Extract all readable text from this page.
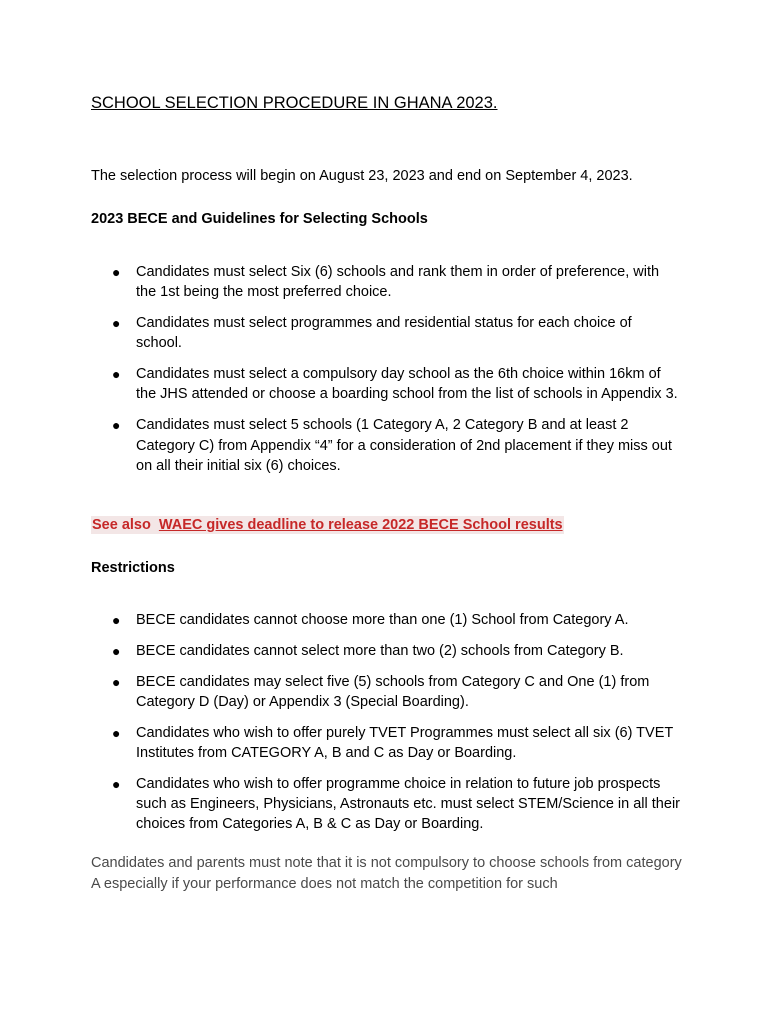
SCHOOL SELECTION PROCEDURE IN GHANA 2023.

The selection process will begin on August 23, 2023 and end on September 4, 2023.

2023 BECE and Guidelines for Selecting Schools
● Candidates must select Six (6) schools and rank them in order of preference, with the 1st being the most preferred choice.
● Candidates must select programmes and residential status for each choice of school.
● Candidates must select a compulsory day school as the 6th choice within 16km of the JHS attended or choose a boarding school from the list of schools in Appendix 3.
● Candidates must select 5 schools (1 Category A, 2 Category B and at least 2 Category C) from Appendix “4” for a consideration of 2nd placement if they miss out on all their initial six (6) choices.
See also WAEC gives deadline to release 2022 BECE School results
Restrictions
● BECE candidates cannot choose more than one (1) School from Category A.
● BECE candidates cannot select more than two (2) schools from Category B.
● BECE candidates may select five (5) schools from Category C and One (1) from Category D (Day) or Appendix 3 (Special Boarding).
● Candidates who wish to offer purely TVET Programmes must select all six (6) TVET Institutes from CATEGORY A, B and C as Day or Boarding.
● Candidates who wish to offer programme choice in relation to future job prospects such as Engineers, Physicians, Astronauts etc. must select STEM/Science in all their choices from Categories A, B & C as Day or Boarding.

Candidates and parents must note that it is not compulsory to choose schools from category A especially if your performance does not match the competition for such
